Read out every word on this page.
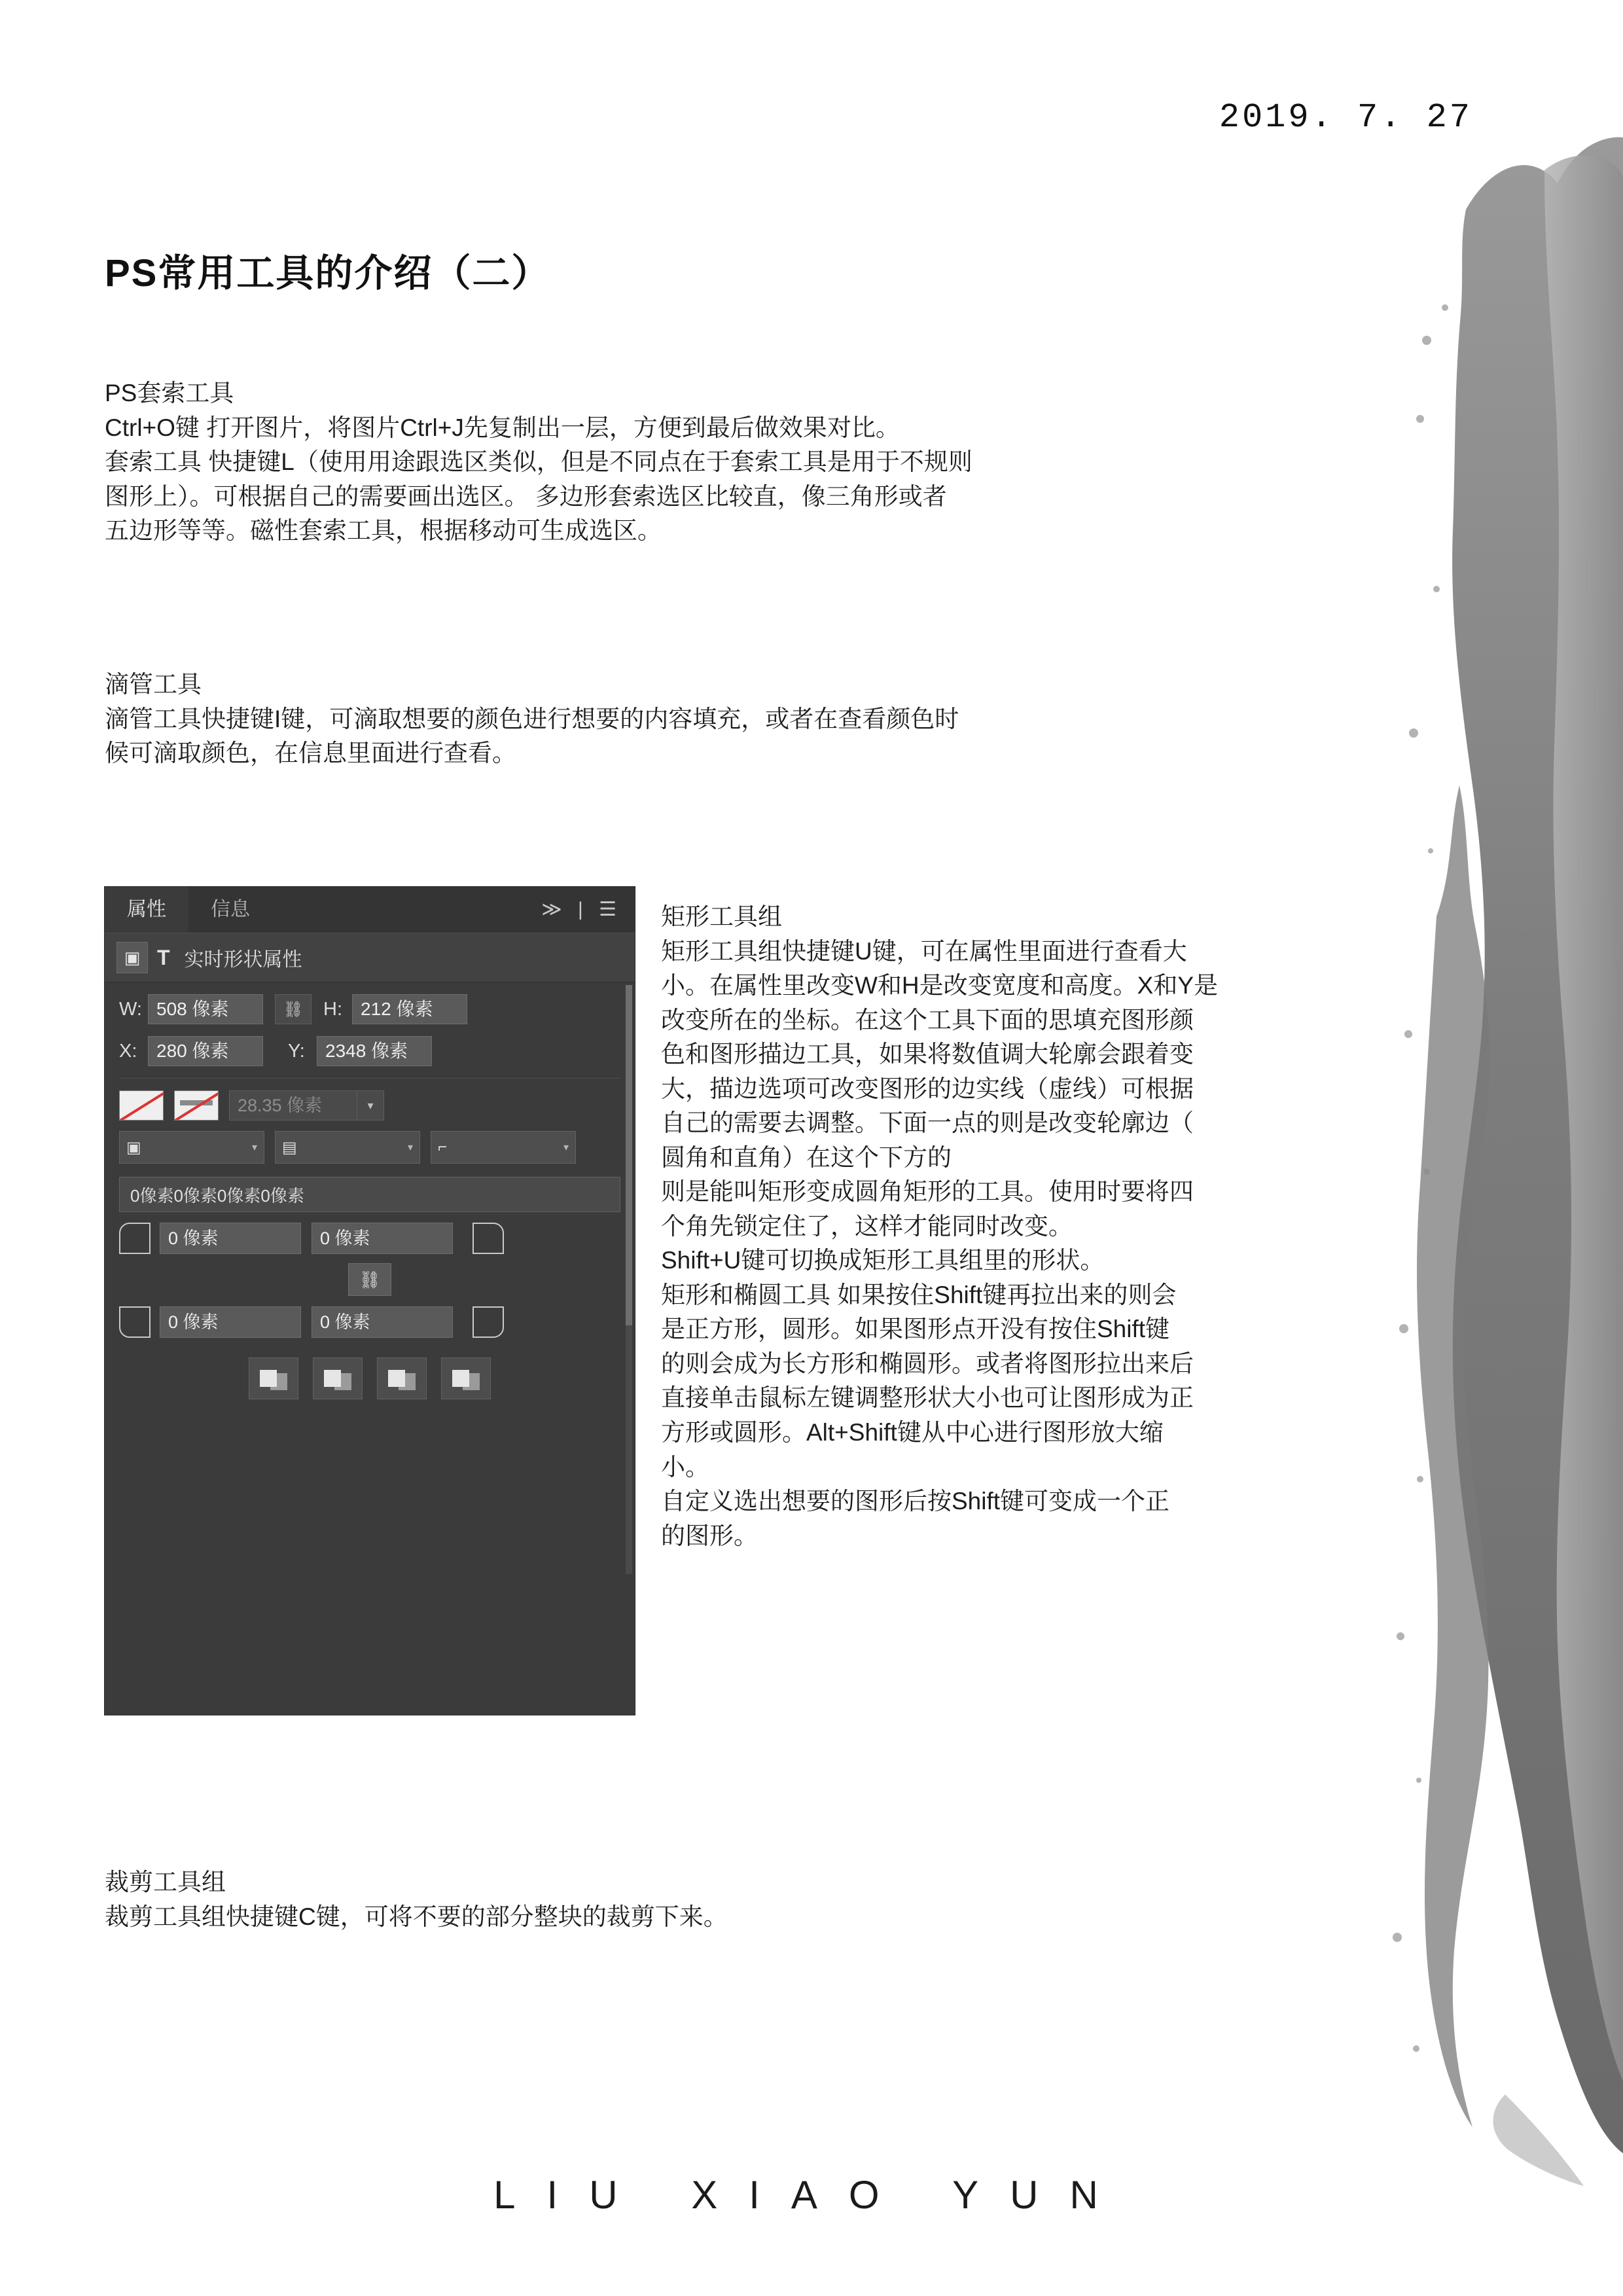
2019. 7. 27
PS常用工具的介绍（二）

PS套索工具

Ctrl+O键 打开图片，将图片Ctrl+J先复制出一层，方便到最后做效果对比。

套索工具 快捷键L（使用用途跟选区类似，但是不同点在于套索工具是用于不规则

图形上）。可根据自己的需要画出选区。 多边形套索选区比较直，像三角形或者

五边形等等。磁性套索工具，根据移动可生成选区。

滴管工具

滴管工具快捷键I键，可滴取想要的颜色进行想要的内容填充，或者在查看颜色时

候可滴取颜色，在信息里面进行查看。

矩形工具组

矩形工具组快捷键U键，可在属性里面进行查看大

小。在属性里改变W和H是改变宽度和高度。X和Y是

改变所在的坐标。在这个工具下面的思填充图形颜

色和图形描边工具，如果将数值调大轮廓会跟着变

大，描边选项可改变图形的边实线（虚线）可根据

自己的需要去调整。下面一点的则是改变轮廓边（

圆角和直角）在这个下方的

则是能叫矩形变成圆角矩形的工具。使用时要将四

个角先锁定住了，这样才能同时改变。

Shift+U键可切换成矩形工具组里的形状。

矩形和椭圆工具 如果按住Shift键再拉出来的则会

是正方形，圆形。如果图形点开没有按住Shift键

的则会成为长方形和椭圆形。或者将图形拉出来后

直接单击鼠标左键调整形状大小也可让图形成为正

方形或圆形。Alt+Shift键从中心进行图形放大缩

小。

自定义选出想要的图形后按Shift键可变成一个正

的图形。

属性	信息	≫ | ☰
▣ T 实时形状属性
W: 508 像素	⛓	H:	212 像素
X:	280 像素	Y:	2348 像素
28.35 像素	▾
▣	▾ ▤	▾ ⌐	▾
0像素0像素0像素0像素
0 像素	0 像素
⛓
0 像素	0 像素

裁剪工具组

裁剪工具组快捷键C键，可将不要的部分整块的裁剪下来。

LIU XIAO YUN
